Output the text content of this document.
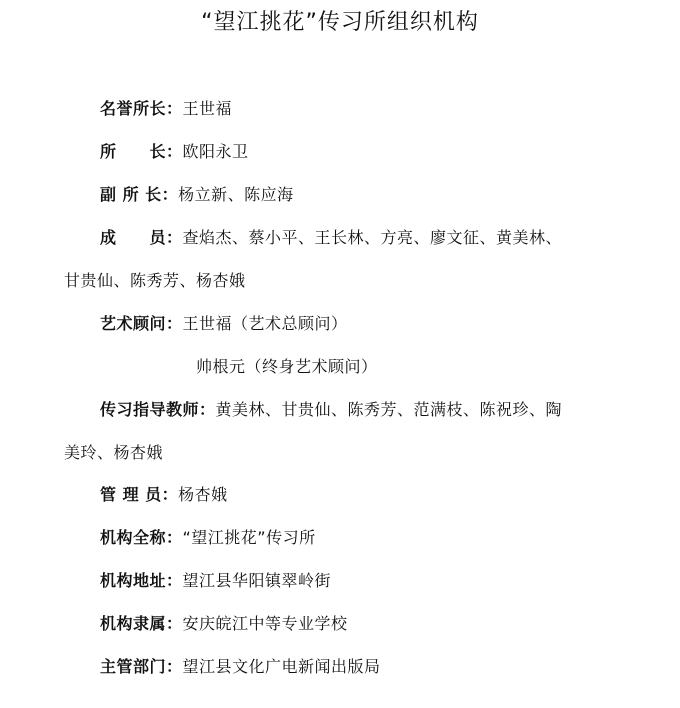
“望江挑花”传习所组织机构
名誉所长：王世福
所　　长：欧阳永卫
副 所 长：杨立新、陈应海
成　　员：查焰杰、蔡小平、王长林、方亮、廖文征、黄美林、
甘贵仙、陈秀芳、杨杏娥
艺术顾问：王世福（艺术总顾问）
帅根元（终身艺术顾问）
传习指导教师：黄美林、甘贵仙、陈秀芳、范满枝、陈祝珍、陶
美玲、杨杏娥
管 理 员：杨杏娥
机构全称：“望江挑花”传习所
机构地址：望江县华阳镇翠岭街
机构隶属：安庆皖江中等专业学校
主管部门：望江县文化广电新闻出版局
